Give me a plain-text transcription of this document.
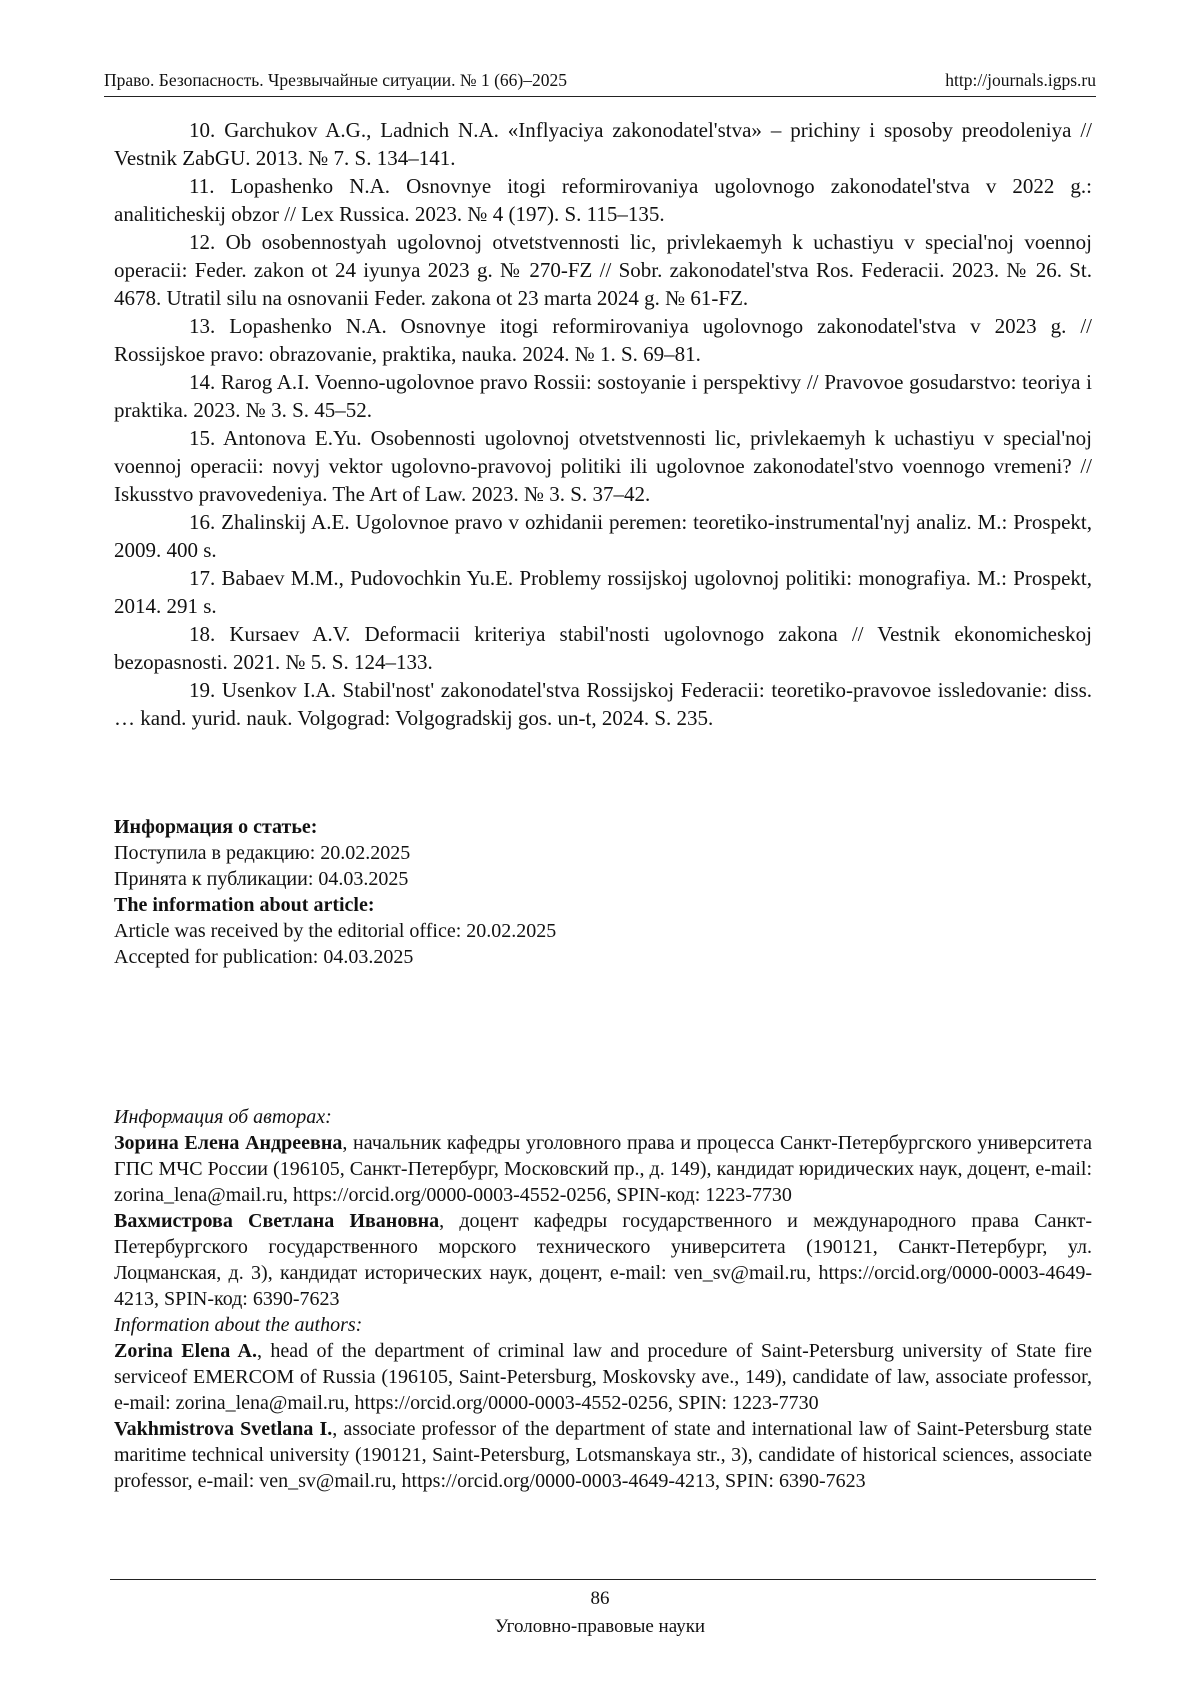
Право. Безопасность. Чрезвычайные ситуации. № 1 (66)–2025	http://journals.igps.ru

10. Garchukov A.G., Ladnich N.A. «Inflyaciya zakonodatel'stva» – prichiny i sposoby preodoleniya // Vestnik ZabGU. 2013. № 7. S. 134–141.

11. Lopashenko N.A. Osnovnye itogi reformirovaniya ugolovnogo zakonodatel'stva v 2022 g.: analiticheskij obzor // Lex Russica. 2023. № 4 (197). S. 115–135.

12. Ob osobennostyah ugolovnoj otvetstvennosti lic, privlekaemyh k uchastiyu v special'noj voennoj operacii: Feder. zakon ot 24 iyunya 2023 g. № 270-FZ // Sobr. zakonodatel'stva Ros. Federacii. 2023. № 26. St. 4678. Utratil silu na osnovanii Feder. zakona ot 23 marta 2024 g. № 61-FZ.

13. Lopashenko N.A. Osnovnye itogi reformirovaniya ugolovnogo zakonodatel'stva v 2023 g. // Rossijskoe pravo: obrazovanie, praktika, nauka. 2024. № 1. S. 69–81.

14. Rarog A.I. Voenno-ugolovnoe pravo Rossii: sostoyanie i perspektivy // Pravovoe gosudarstvo: teoriya i praktika. 2023. № 3. S. 45–52.

15. Antonova E.Yu. Osobennosti ugolovnoj otvetstvennosti lic, privlekaemyh k uchastiyu v special'noj voennoj operacii: novyj vektor ugolovno-pravovoj politiki ili ugolovnoe zakonodatel'stvo voennogo vremeni? // Iskusstvo pravovedeniya. The Art of Law. 2023. № 3. S. 37–42.

16. Zhalinskij A.E. Ugolovnoe pravo v ozhidanii peremen: teoretiko-instrumental'nyj analiz. M.: Prospekt, 2009. 400 s.

17. Babaev M.M., Pudovochkin Yu.E. Problemy rossijskoj ugolovnoj politiki: monografiya. M.: Prospekt, 2014. 291 s.

18. Kursaev A.V. Deformacii kriteriya stabil'nosti ugolovnogo zakona // Vestnik ekonomicheskoj bezopasnosti. 2021. № 5. S. 124–133.

19. Usenkov I.A. Stabil'nost' zakonodatel'stva Rossijskoj Federacii: teoretiko-pravovoe issledovanie: diss. … kand. yurid. nauk. Volgograd: Volgogradskij gos. un-t, 2024. S. 235.

Информация о статье:

Поступила в редакцию: 20.02.2025

Принята к публикации: 04.03.2025

The information about article:

Article was received by the editorial office: 20.02.2025

Accepted for publication: 04.03.2025

Информация об авторах:

Зорина Елена Андреевна, начальник кафедры уголовного права и процесса Санкт-Петербургского университета ГПС МЧС России (196105, Санкт-Петербург, Московский пр., д. 149), кандидат юридических наук, доцент, e-mail: zorina_lena@mail.ru, https://orcid.org/0000-0003-4552-0256, SPIN-код: 1223-7730

Вахмистрова Светлана Ивановна, доцент кафедры государственного и международного права Санкт-Петербургского государственного морского технического университета (190121, Санкт-Петербург, ул. Лоцманская, д. 3), кандидат исторических наук, доцент, e-mail: ven_sv@mail.ru, https://orcid.org/0000-0003-4649-4213, SPIN-код: 6390-7623

Information about the authors:

Zorina Elena A., head of the department of criminal law and procedure of Saint-Petersburg university of State fire serviceof EMERCOM of Russia (196105, Saint-Petersburg, Moskovsky ave., 149), candidate of law, associate professor, e-mail: zorina_lena@mail.ru, https://orcid.org/0000-0003-4552-0256, SPIN: 1223-7730

Vakhmistrova Svetlana I., associate professor of the department of state and international law of Saint-Petersburg state maritime technical university (190121, Saint-Petersburg, Lotsmanskaya str., 3), candidate of historical sciences, associate professor, e-mail: ven_sv@mail.ru, https://orcid.org/0000-0003-4649-4213, SPIN: 6390-7623

86
Уголовно-правовые науки
